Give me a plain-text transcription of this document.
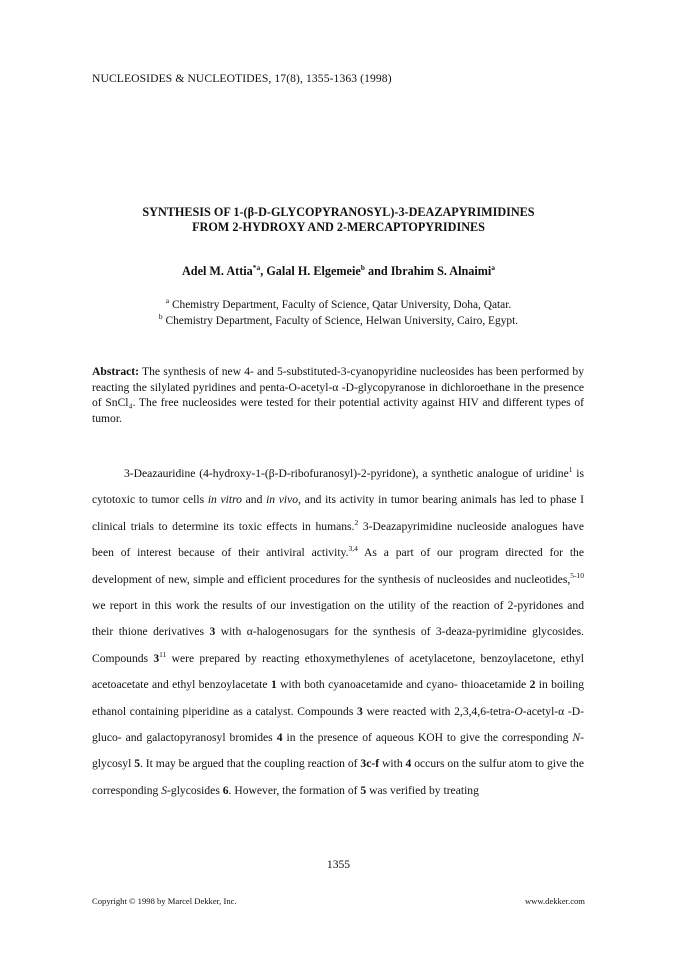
NUCLEOSIDES & NUCLEOTIDES, 17(8), 1355-1363 (1998)
SYNTHESIS OF 1-(β-D-GLYCOPYRANOSYL)-3-DEAZAPYRIMIDINES
FROM 2-HYDROXY AND 2-MERCAPTOPYRIDINES
Adel M. Attia$^{*a}$, Galal H. Elgemeie$^b$ and Ibrahim S. Alnaimi$^a$
$^a$ Chemistry Department, Faculty of Science, Qatar University, Doha, Qatar.
$^b$ Chemistry Department, Faculty of Science, Helwan University, Cairo, Egypt.
Abstract: The synthesis of new 4- and 5-substituted-3-cyanopyridine nucleosides has been performed by reacting the silylated pyridines and penta-O-acetyl-α -D-glycopyranose in dichloroethane in the presence of SnCl₄. The free nucleosides were tested for their potential activity against HIV and different types of tumor.

3-Deazauridine (4-hydroxy-1-(β-D-ribofuranosyl)-2-pyridone), a synthetic analogue of uridine$^1$ is cytotoxic to tumor cells in vitro and in vivo, and its activity in tumor bearing animals has led to phase I clinical trials to determine its toxic effects in humans.$^2$ 3-Deazapyrimidine nucleoside analogues have been of interest because of their antiviral activity.$^{3,4}$ As a part of our program directed for the development of new, simple and efficient procedures for the synthesis of nucleosides and nucleotides,$^{5-10}$ we report in this work the results of our investigation on the utility of the reaction of 2-pyridones and their thione derivatives 3 with α-halogenosugars for the synthesis of 3-deaza-pyrimidine glycosides. Compounds $3^{11}$ were prepared by reacting ethoxymethylenes of acetylacetone, benzoylacetone, ethyl acetoacetate and ethyl benzoylacetate 1 with both cyanoacetamide and cyano- thioacetamide 2 in boiling ethanol containing piperidine as a catalyst. Compounds 3 were reacted with 2,3,4,6-tetra-O-acetyl-α -D-gluco- and galactopyranosyl bromides 4 in the presence of aqueous KOH to give the corresponding N-glycosyl 5. It may be argued that the coupling reaction of 3c-f with 4 occurs on the sulfur atom to give the corresponding S-glycosides 6. However, the formation of 5 was verified by treating

1355
Copyright © 1998 by Marcel Dekker, Inc.	www.dekker.com
